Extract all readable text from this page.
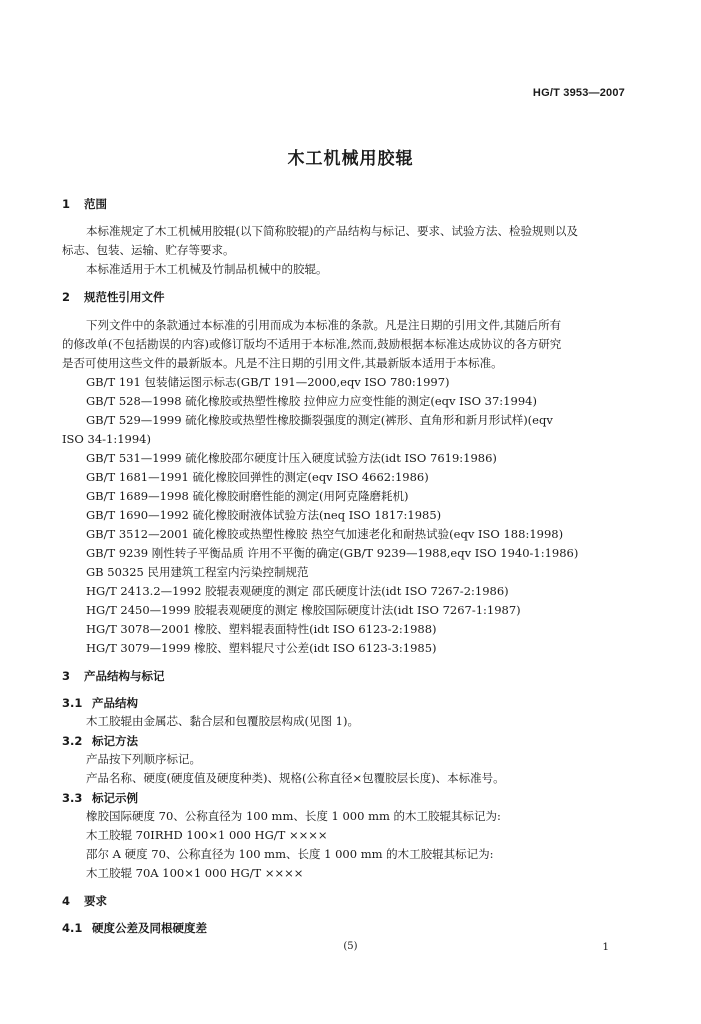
HG/T 3953—2007
木工机械用胶辊
1 范围
本标准规定了木工机械用胶辊(以下简称胶辊)的产品结构与标记、要求、试验方法、检验规则以及
标志、包装、运输、贮存等要求。
本标准适用于木工机械及竹制品机械中的胶辊。
2 规范性引用文件
下列文件中的条款通过本标准的引用而成为本标准的条款。凡是注日期的引用文件,其随后所有
的修改单(不包括勘误的内容)或修订版均不适用于本标准,然而,鼓励根据本标准达成协议的各方研究
是否可使用这些文件的最新版本。凡是不注日期的引用文件,其最新版本适用于本标准。
GB/T 191 包装储运图示标志(GB/T 191—2000,eqv ISO 780:1997)
GB/T 528—1998 硫化橡胶或热塑性橡胶 拉伸应力应变性能的测定(eqv ISO 37:1994)
GB/T 529—1999 硫化橡胶或热塑性橡胶撕裂强度的测定(裤形、直角形和新月形试样)(eqv
ISO 34-1:1994)
GB/T 531—1999 硫化橡胶邵尔硬度计压入硬度试验方法(idt ISO 7619:1986)
GB/T 1681—1991 硫化橡胶回弹性的测定(eqv ISO 4662:1986)
GB/T 1689—1998 硫化橡胶耐磨性能的测定(用阿克隆磨耗机)
GB/T 1690—1992 硫化橡胶耐液体试验方法(neq ISO 1817:1985)
GB/T 3512—2001 硫化橡胶或热塑性橡胶 热空气加速老化和耐热试验(eqv ISO 188:1998)
GB/T 9239 刚性转子平衡品质 许用不平衡的确定(GB/T 9239—1988,eqv ISO 1940-1:1986)
GB 50325 民用建筑工程室内污染控制规范
HG/T 2413.2—1992 胶辊表观硬度的测定 邵氏硬度计法(idt ISO 7267-2:1986)
HG/T 2450—1999 胶辊表观硬度的测定 橡胶国际硬度计法(idt ISO 7267-1:1987)
HG/T 3078—2001 橡胶、塑料辊表面特性(idt ISO 6123-2:1988)
HG/T 3079—1999 橡胶、塑料辊尺寸公差(idt ISO 6123-3:1985)
3 产品结构与标记
3.1 产品结构
木工胶辊由金属芯、黏合层和包覆胶层构成(见图 1)。
3.2 标记方法
产品按下列顺序标记。
产品名称、硬度(硬度值及硬度种类)、规格(公称直径×包覆胶层长度)、本标准号。
3.3 标记示例
橡胶国际硬度 70、公称直径为 100 mm、长度 1 000 mm 的木工胶辊其标记为:
木工胶辊 70IRHD 100×1 000 HG/T ××××
邵尔 A 硬度 70、公称直径为 100 mm、长度 1 000 mm 的木工胶辊其标记为:
木工胶辊 70A 100×1 000 HG/T ××××
4 要求
4.1 硬度公差及同根硬度差
(5)	1
